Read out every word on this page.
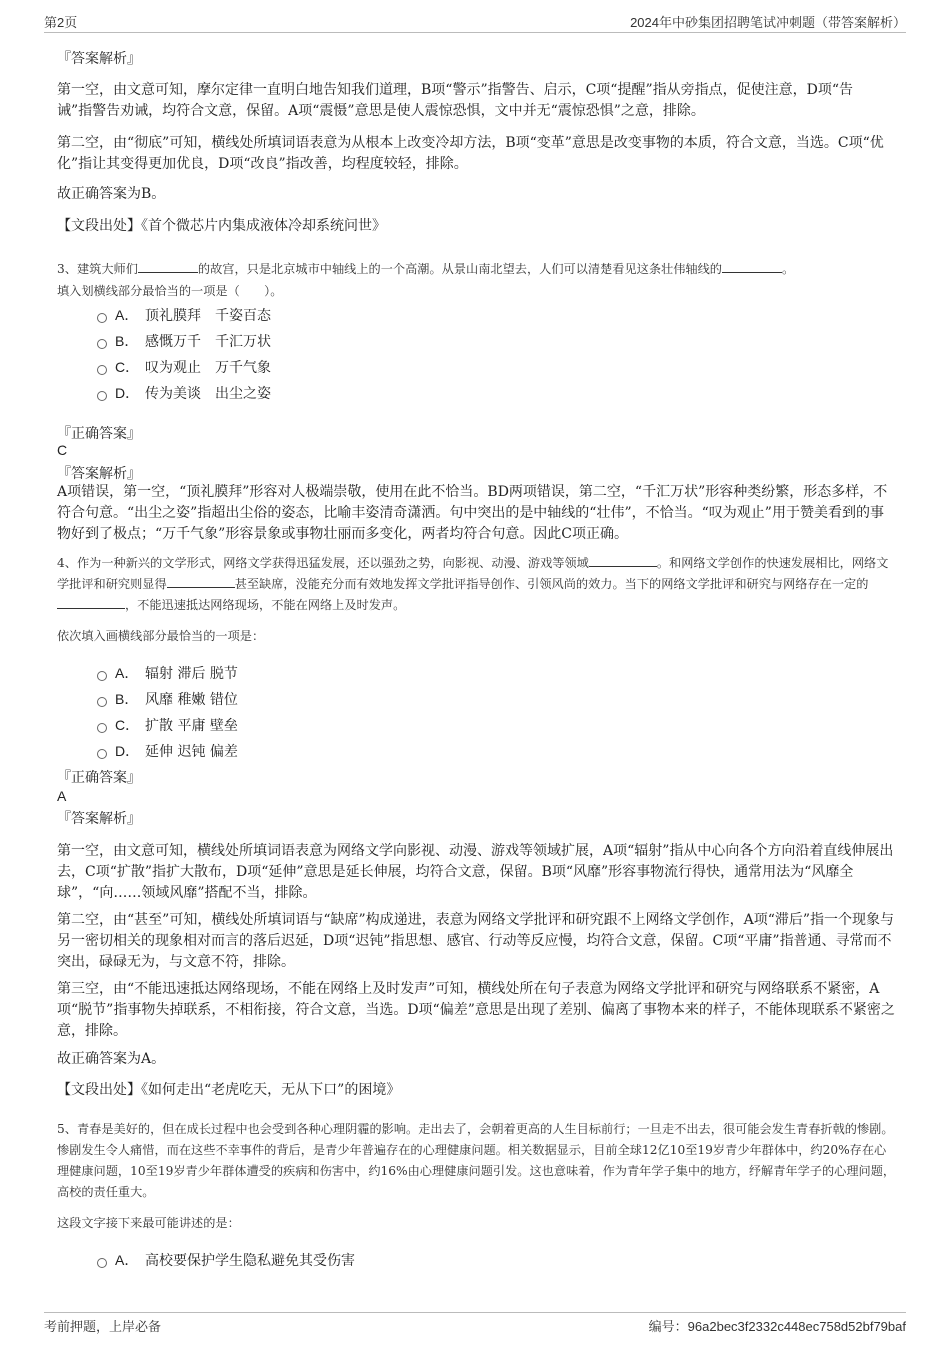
第2页	2024年中砂集团招聘笔试冲刺题（带答案解析）
『答案解析』
第一空，由文意可知，摩尔定律一直明白地告知我们道理，B项“警示”指警告、启示，C项“提醒”指从旁指点，促使注意，D项“告诫”指警告劝诫，均符合文意，保留。A项“震慑”意思是使人震惊恐惧，文中并无“震惊恐惧”之意，排除。
第二空，由“彻底”可知，横线处所填词语表意为从根本上改变冷却方法，B项“变革”意思是改变事物的本质，符合文意，当选。C项“优化”指让其变得更加优良，D项“改良”指改善，均程度较轻，排除。
故正确答案为B。
【文段出处】《首个微芯片内集成液体冷却系统问世》
3、建筑大师们	的故宫，只是北京城市中轴线上的一个高潮。从景山南北望去，人们可以清楚看见这条壮伟轴线的	。
填入划横线部分最恰当的一项是（　　）。
A． 顶礼膜拜　千姿百态
B． 感慨万千　千汇万状
C． 叹为观止　万千气象
D． 传为美谈　出尘之姿
『正确答案』
C
『答案解析』
A项错误，第一空，“顶礼膜拜”形容对人极端崇敬，使用在此不恰当。BD两项错误，第二空，“千汇万状”形容种类纷繁，形态多样，不符合句意。“出尘之姿”指超出尘俗的姿态，比喻丰姿清奇潇洒。句中突出的是中轴线的“壮伟”，不恰当。“叹为观止”用于赞美看到的事物好到了极点；“万千气象”形容景象或事物壮丽而多变化，两者均符合句意。因此C项正确。
4、作为一种新兴的文学形式，网络文学获得迅猛发展，还以强劲之势，向影视、动漫、游戏等领域	。和网络文学创作的快速发展相比，网络文学批评和研究则显得	甚至缺席，没能充分而有效地发挥文学批评指导创作、引领风尚的效力。当下的网络文学批评和研究与网络存在一定的，不能迅速抵达网络现场，不能在网络上及时发声。
依次填入画横线部分最恰当的一项是：
A． 辐射 滞后 脱节
B． 风靡 稚嫩 错位
C． 扩散 平庸 壁垒
D． 延伸 迟钝 偏差
『正确答案』
A
『答案解析』
第一空，由文意可知，横线处所填词语表意为网络文学向影视、动漫、游戏等领域扩展，A项“辐射”指从中心向各个方向沿着直线伸展出去，C项“扩散”指扩大散布，D项“延伸”意思是延长伸展，均符合文意，保留。B项“风靡”形容事物流行得快，通常用法为“风靡全球”，“向……领域风靡”搭配不当，排除。
第二空，由“甚至”可知，横线处所填词语与“缺席”构成递进，表意为网络文学批评和研究跟不上网络文学创作，A项“滞后”指一个现象与另一密切相关的现象相对而言的落后迟延，D项“迟钝”指思想、感官、行动等反应慢，均符合文意，保留。C项“平庸”指普通、寻常而不突出，碌碌无为，与文意不符，排除。
第三空，由“不能迅速抵达网络现场，不能在网络上及时发声”可知，横线处所在句子表意为网络文学批评和研究与网络联系不紧密，A项“脱节”指事物失掉联系，不相衔接，符合文意，当选。D项“偏差”意思是出现了差别、偏离了事物本来的样子，不能体现联系不紧密之意，排除。
故正确答案为A。
【文段出处】《如何走出“老虎吃天，无从下口”的困境》
5、青春是美好的，但在成长过程中也会受到各种心理阴霾的影响。走出去了，会朝着更高的人生目标前行；一旦走不出去，很可能会发生青春折戟的惨剧。惨剧发生令人痛惜，而在这些不幸事件的背后，是青少年普遍存在的心理健康问题。相关数据显示，目前全球12亿10至19岁青少年群体中，约20%存在心理健康问题，10至19岁青少年群体遭受的疾病和伤害中，约16%由心理健康问题引发。这也意味着，作为青年学子集中的地方，纾解青年学子的心理问题，高校的责任重大。
这段文字接下来最可能讲述的是：
A． 高校要保护学生隐私避免其受伤害
考前押题，上岸必备	编号：96a2bec3f2332c448ec758d52bf79baf
